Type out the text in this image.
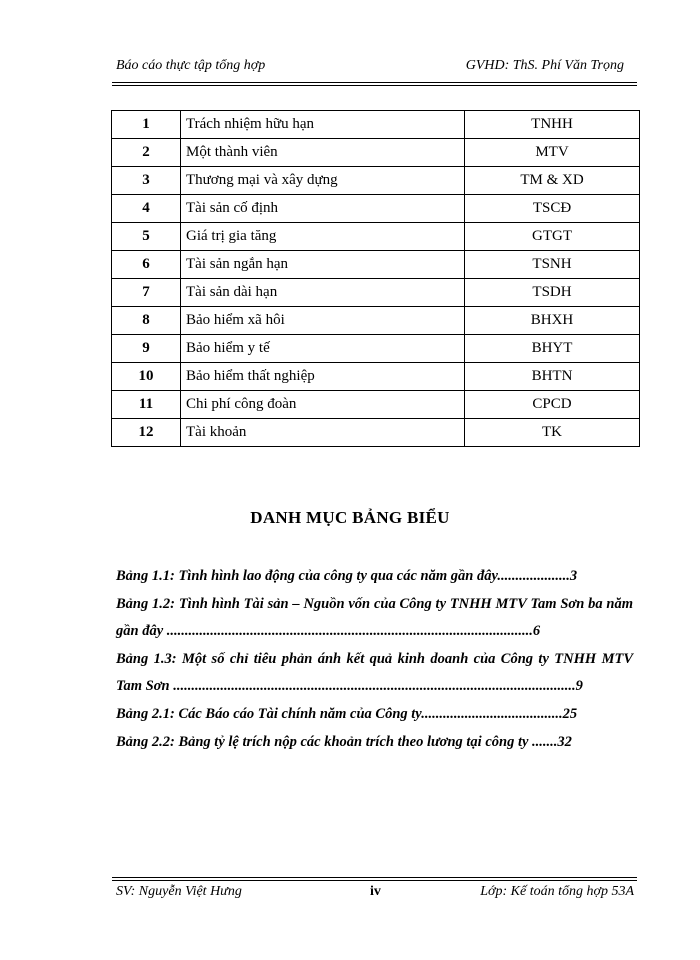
Báo cáo thực tập tổng hợp	GVHD: ThS. Phí Văn Trọng
1	Trách nhiệm hữu hạn	TNHH
2	Một thành viên	MTV
3	Thương mại và xây dựng	TM & XD
4	Tài sản cố định	TSCĐ
5	Giá trị gia tăng	GTGT
6	Tài sản ngắn hạn	TSNH
7	Tài sản dài hạn	TSDH
8	Bảo hiểm xã hôi	BHXH
9	Bảo hiểm y tế	BHYT
10	Bảo hiểm thất nghiệp	BHTN
11	Chi phí công đoàn	CPCD
12	Tài khoản	TK
DANH MỤC BẢNG BIỂU
Bảng 1.1: Tình hình lao động của công ty qua các năm gần đây....................3
Bảng 1.2: Tình hình Tài sản – Nguồn vốn của Công ty TNHH MTV Tam Sơn ba năm gần đây .....................................................................................................6
Bảng 1.3: Một số chỉ tiêu phản ánh kết quả kinh doanh của Công ty TNHH MTV Tam Sơn ...............................................................................................................9
Bảng 2.1: Các Báo cáo Tài chính năm của Công ty.......................................25
Bảng 2.2: Bảng tỷ lệ trích nộp các khoản trích theo lương tại công ty .......32
SV: Nguyễn Việt Hưng	iv	Lớp: Kế toán tổng hợp 53A
